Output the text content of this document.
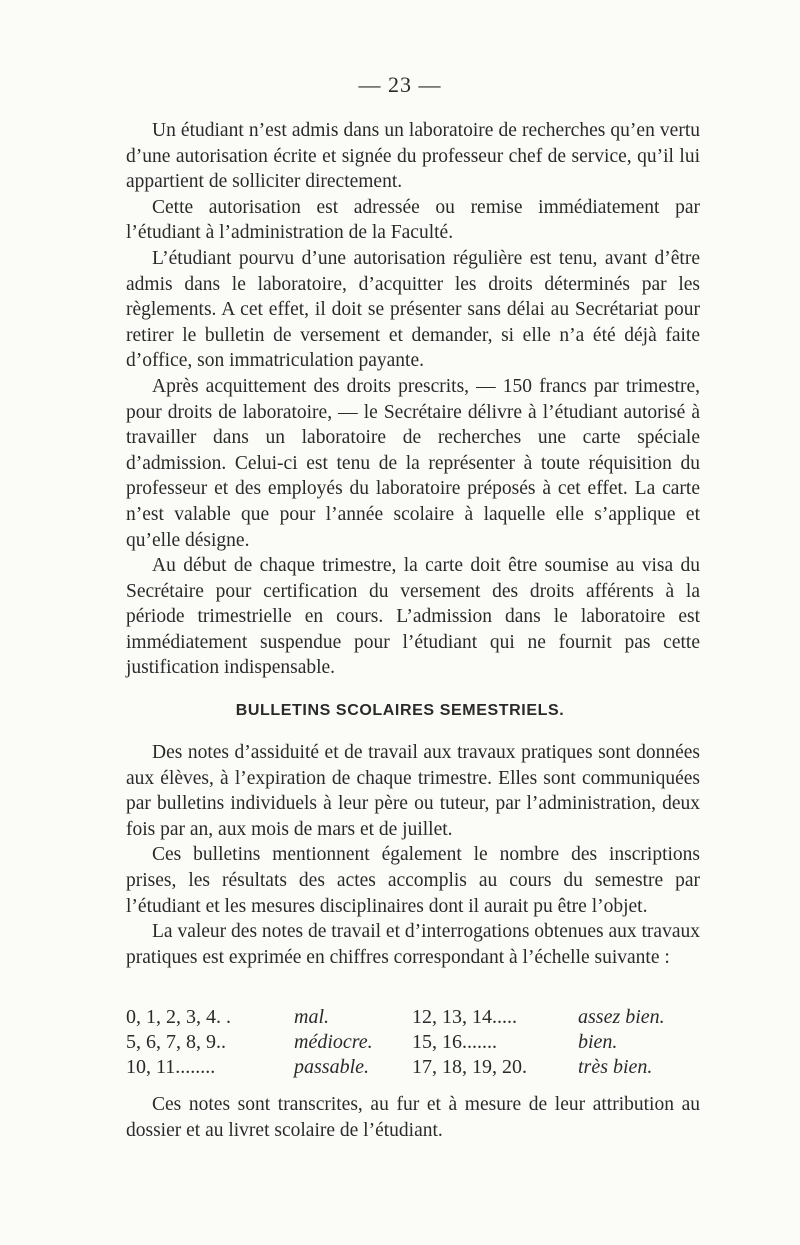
— 23 —

Un étudiant n’est admis dans un laboratoire de recherches qu’en vertu d’une autorisation écrite et signée du professeur chef de service, qu’il lui appartient de solliciter directement.

Cette autorisation est adressée ou remise immédiatement par l’étudiant à l’administration de la Faculté.

L’étudiant pourvu d’une autorisation régulière est tenu, avant d’être admis dans le laboratoire, d’acquitter les droits déterminés par les règlements. A cet effet, il doit se présenter sans délai au Secrétariat pour retirer le bulletin de versement et demander, si elle n’a été déjà faite d’office, son immatriculation payante.

Après acquittement des droits prescrits, — 150 francs par trimestre, pour droits de laboratoire, — le Secrétaire délivre à l’étudiant autorisé à travailler dans un laboratoire de recherches une carte spéciale d’admission. Celui-ci est tenu de la représenter à toute réquisition du professeur et des employés du laboratoire préposés à cet effet. La carte n’est valable que pour l’année scolaire à laquelle elle s’applique et qu’elle désigne.

Au début de chaque trimestre, la carte doit être soumise au visa du Secrétaire pour certification du versement des droits afférents à la période trimestrielle en cours. L’admission dans le laboratoire est immédiatement suspendue pour l’étudiant qui ne fournit pas cette justification indispensable.

BULLETINS SCOLAIRES SEMESTRIELS.

Des notes d’assiduité et de travail aux travaux pratiques sont données aux élèves, à l’expiration de chaque trimestre. Elles sont communiquées par bulletins individuels à leur père ou tuteur, par l’administration, deux fois par an, aux mois de mars et de juillet.

Ces bulletins mentionnent également le nombre des inscriptions prises, les résultats des actes accomplis au cours du semestre par l’étudiant et les mesures disciplinaires dont il aurait pu être l’objet.

La valeur des notes de travail et d’interrogations obtenues aux travaux pratiques est exprimée en chiffres correspondant à l’échelle suivante :

0, 1, 2, 3, 4. .	mal.	12, 13, 14.....	assez bien.
5, 6, 7, 8, 9..	médiocre.	15, 16.......	bien.
10, 11........	passable.	17, 18, 19, 20.	très bien.

Ces notes sont transcrites, au fur et à mesure de leur attribution au dossier et au livret scolaire de l’étudiant.
